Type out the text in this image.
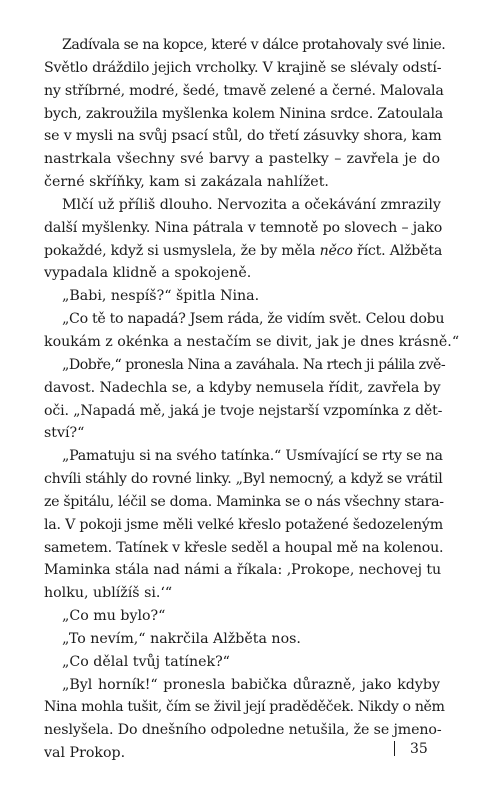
Zadívala se na kopce, které v dálce protahovaly své linie.
Světlo dráždilo jejich vrcholky. V krajině se slévaly odstí-
ny stříbrné, modré, šedé, tmavě zelené a černé. Malovala
bych, zakroužila myšlenka kolem Ninina srdce. Zatoulala
se v mysli na svůj psací stůl, do třetí zásuvky shora, kam
nastrkala všechny své barvy a pastelky – zavřela je do
černé skříňky, kam si zakázala nahlížet.
Mlčí už příliš dlouho. Nervozita a očekávání zmrazily
další myšlenky. Nina pátrala v temnotě po slovech – jako
pokaždé, když si usmyslela, že by měla něco říct. Alžběta
vypadala klidně a spokojeně.
„Babi, nespíš?“ špitla Nina.
„Co tě to napadá? Jsem ráda, že vidím svět. Celou dobu
koukám z okénka a nestačím se divit, jak je dnes krásně.“
„Dobře,“ pronesla Nina a zaváhala. Na rtech ji pálila zvě-
davost. Nadechla se, a kdyby nemusela řídit, zavřela by
oči. „Napadá mě, jaká je tvoje nejstarší vzpomínka z dět-
ství?“
„Pamatuju si na svého tatínka.“ Usmívající se rty se na
chvíli stáhly do rovné linky. „Byl nemocný, a když se vrátil
ze špitálu, léčil se doma. Maminka se o nás všechny stara-
la. V pokoji jsme měli velké křeslo potažené šedozeleným
sametem. Tatínek v křesle seděl a houpal mě na kolenou.
Maminka stála nad námi a říkala: ‚Prokope, nechovej tu
holku, ublížíš si.‘“
„Co mu bylo?“
„To nevím,“ nakrčila Alžběta nos.
„Co dělal tvůj tatínek?“
„Byl horník!“ pronesla babička důrazně, jako kdyby
Nina mohla tušit, čím se živil její praděděček. Nikdy o něm
neslyšela. Do dnešního odpoledne netušila, že se jmeno-
val Prokop.	35
